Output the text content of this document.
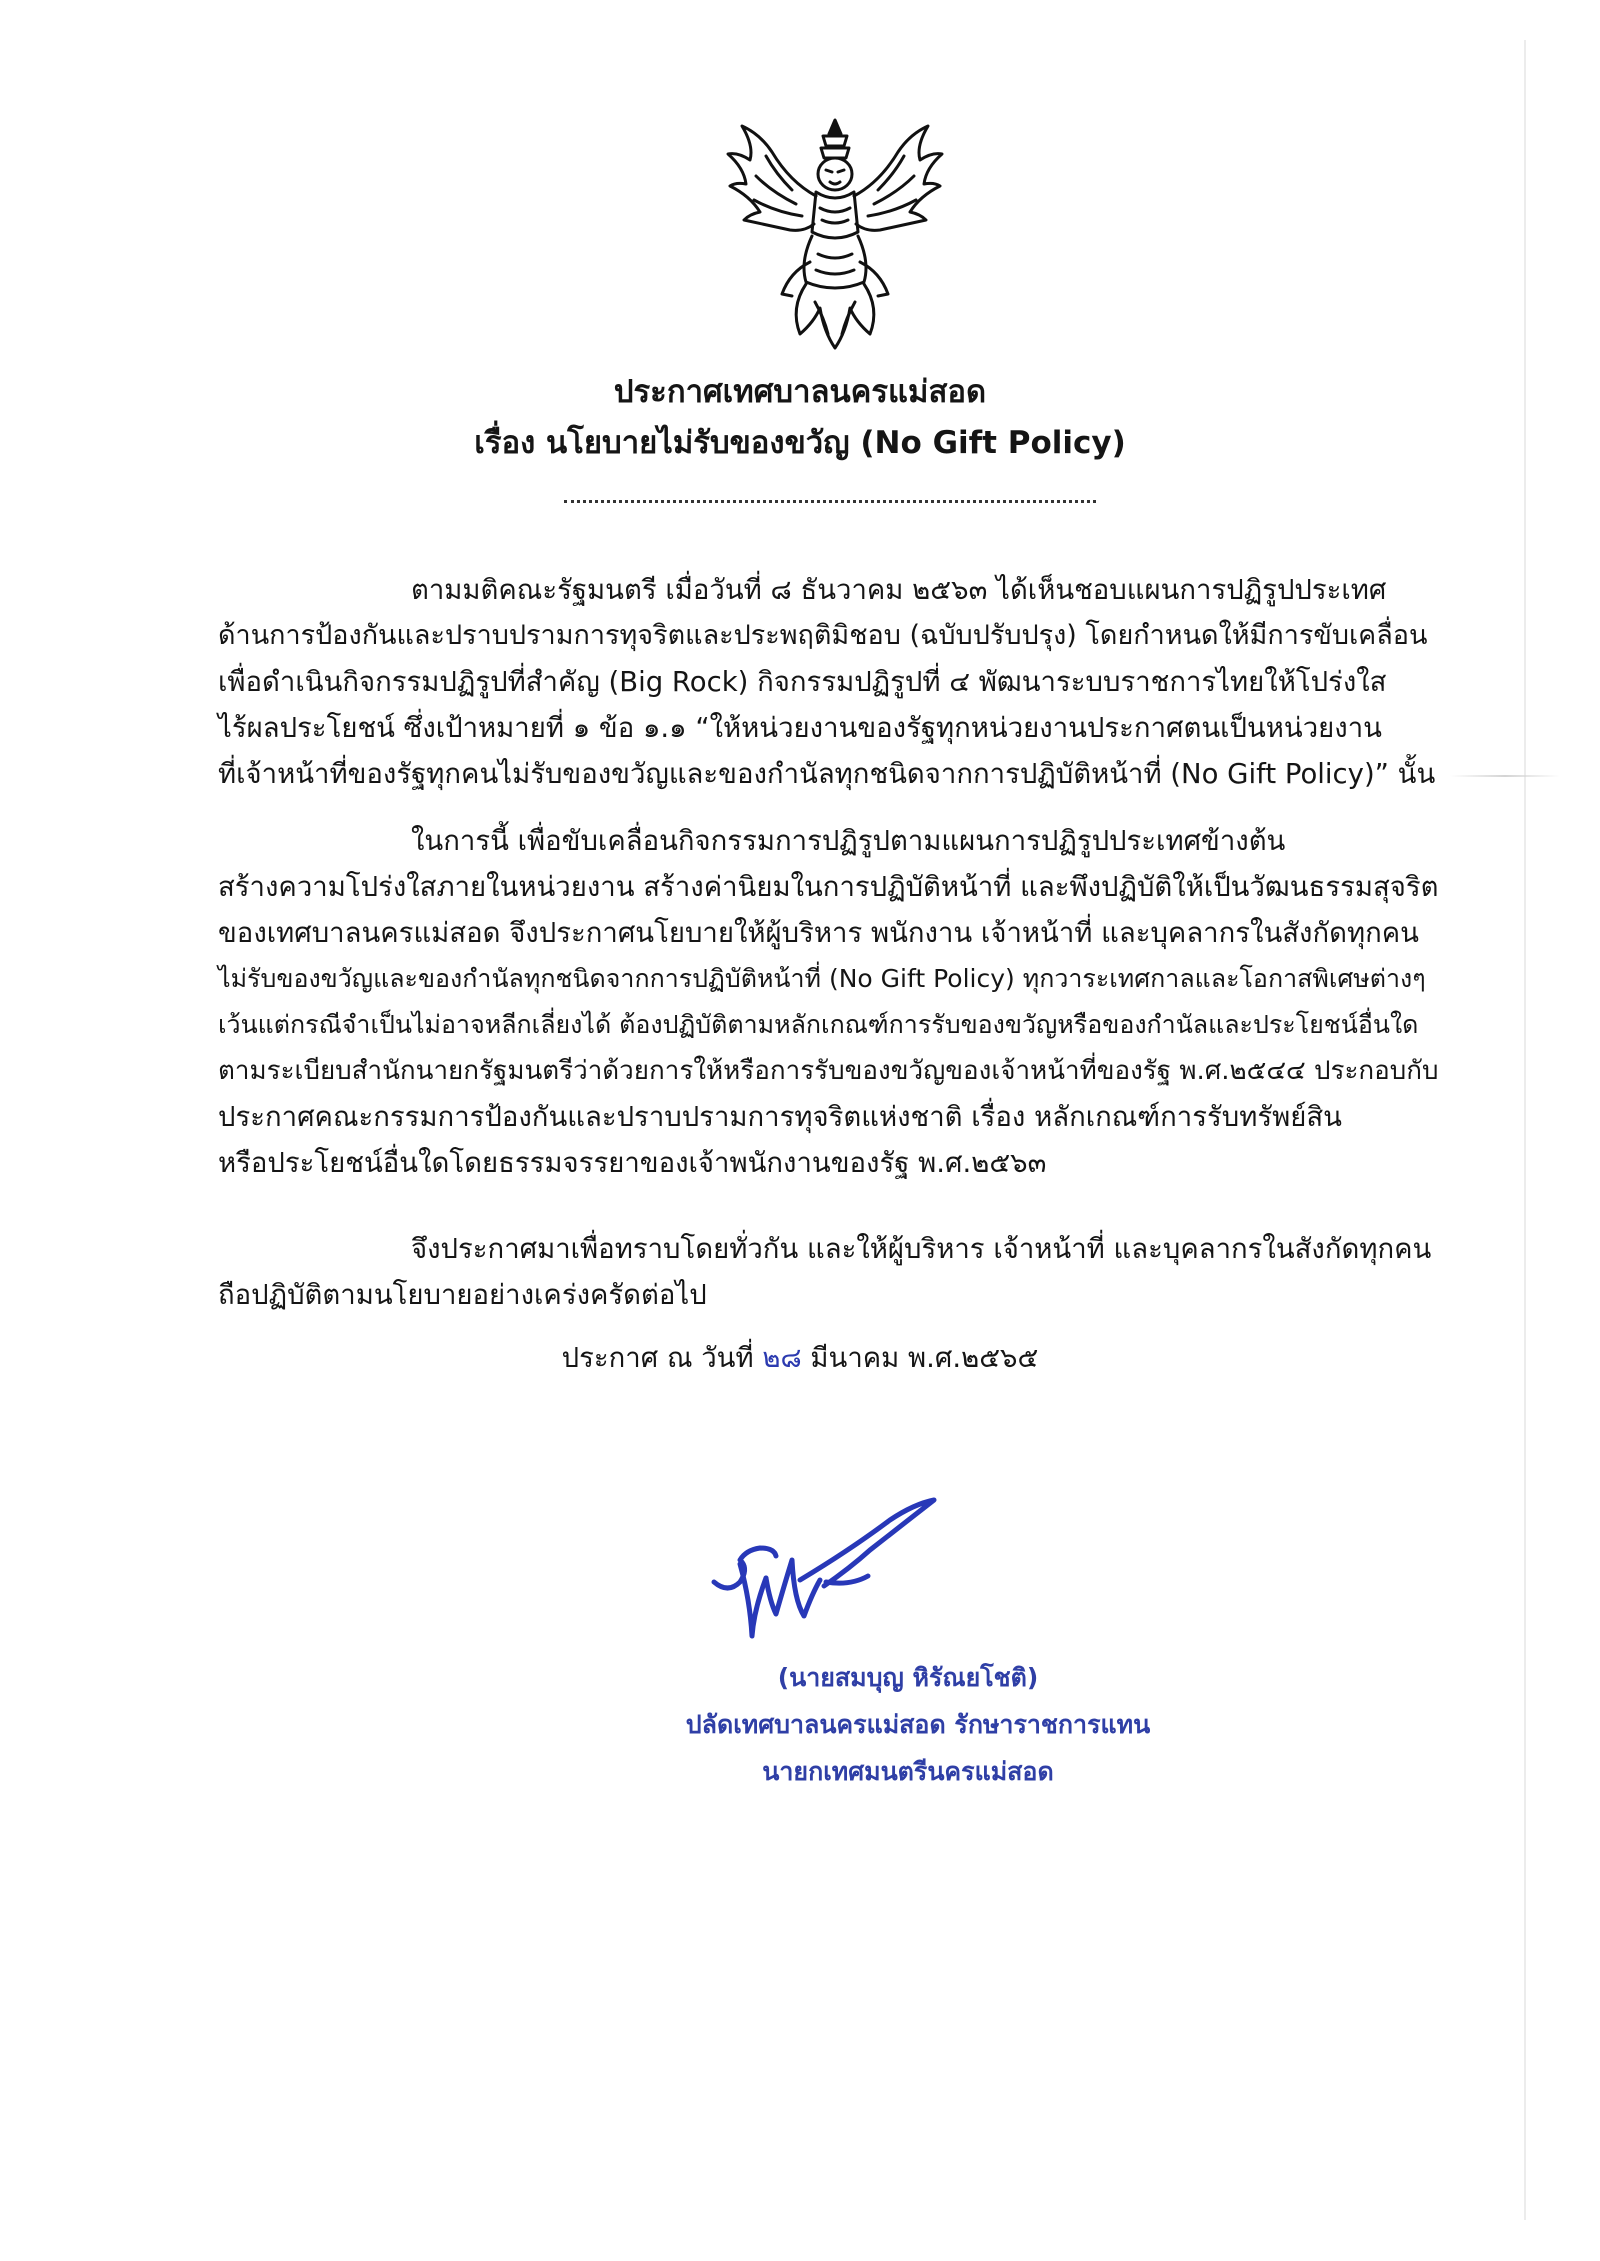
ประกาศเทศบาลนครแม่สอด
เรื่อง นโยบายไม่รับของขวัญ (No Gift Policy)
ตามมติคณะรัฐมนตรี เมื่อวันที่ ๘ ธันวาคม ๒๕๖๓ ได้เห็นชอบแผนการปฏิรูปประเทศ
ด้านการป้องกันและปราบปรามการทุจริตและประพฤติมิชอบ (ฉบับปรับปรุง) โดยกำหนดให้มีการขับเคลื่อน
เพื่อดำเนินกิจกรรมปฏิรูปที่สำคัญ (Big Rock) กิจกรรมปฏิรูปที่ ๔ พัฒนาระบบราชการไทยให้โปร่งใส
ไร้ผลประโยชน์ ซึ่งเป้าหมายที่ ๑ ข้อ ๑.๑ “ให้หน่วยงานของรัฐทุกหน่วยงานประกาศตนเป็นหน่วยงาน
ที่เจ้าหน้าที่ของรัฐทุกคนไม่รับของขวัญและของกำนัลทุกชนิดจากการปฏิบัติหน้าที่ (No Gift Policy)” นั้น
ในการนี้ เพื่อขับเคลื่อนกิจกรรมการปฏิรูปตามแผนการปฏิรูปประเทศข้างต้น
สร้างความโปร่งใสภายในหน่วยงาน สร้างค่านิยมในการปฏิบัติหน้าที่ และพึงปฏิบัติให้เป็นวัฒนธรรมสุจริต
ของเทศบาลนครแม่สอด จึงประกาศนโยบายให้ผู้บริหาร พนักงาน เจ้าหน้าที่ และบุคลากรในสังกัดทุกคน
ไม่รับของขวัญและของกำนัลทุกชนิดจากการปฏิบัติหน้าที่ (No Gift Policy) ทุกวาระเทศกาลและโอกาสพิเศษต่างๆ
เว้นแต่กรณีจำเป็นไม่อาจหลีกเลี่ยงได้ ต้องปฏิบัติตามหลักเกณฑ์การรับของขวัญหรือของกำนัลและประโยชน์อื่นใด
ตามระเบียบสำนักนายกรัฐมนตรีว่าด้วยการให้หรือการรับของขวัญของเจ้าหน้าที่ของรัฐ พ.ศ.๒๕๔๔ ประกอบกับ
ประกาศคณะกรรมการป้องกันและปราบปรามการทุจริตแห่งชาติ เรื่อง หลักเกณฑ์การรับทรัพย์สิน
หรือประโยชน์อื่นใดโดยธรรมจรรยาของเจ้าพนักงานของรัฐ พ.ศ.๒๕๖๓
จึงประกาศมาเพื่อทราบโดยทั่วกัน และให้ผู้บริหาร เจ้าหน้าที่ และบุคลากรในสังกัดทุกคน
ถือปฏิบัติตามนโยบายอย่างเคร่งครัดต่อไป
ประกาศ ณ วันที่ ๒๘ มีนาคม พ.ศ.๒๕๖๕
(นายสมบุญ หิรัณยโชติ)
ปลัดเทศบาลนครแม่สอด รักษาราชการแทน
นายกเทศมนตรีนครแม่สอด
